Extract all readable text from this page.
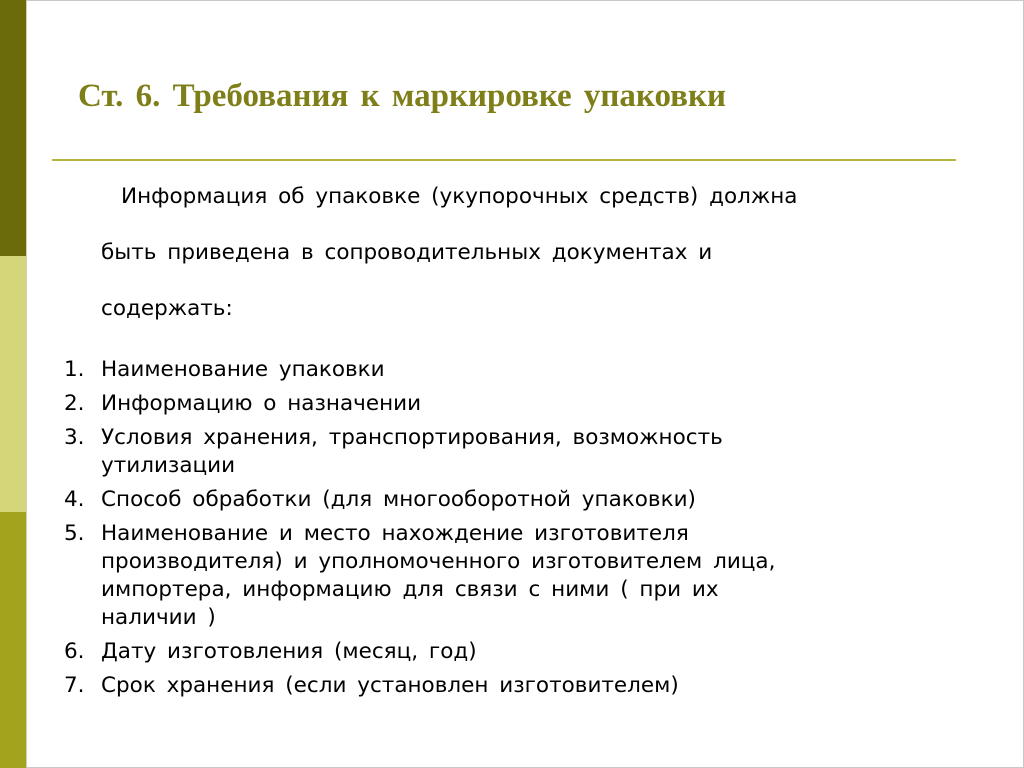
Ст. 6. Требования к маркировке упаковки

Информация об упаковке (укупорочных средств) должна

быть приведена в сопроводительных документах и

содержать:

1. Наименование упаковки
2. Информацию о назначении
3. Условия хранения, транспортирования, возможность
утилизации
4. Способ обработки (для многооборотной упаковки)
5. Наименование и место нахождение изготовителя
производителя) и уполномоченного изготовителем лица,
импортера, информацию для связи с ними ( при их
наличии )
6. Дату изготовления (месяц, год)
7. Срок хранения (если установлен изготовителем)
